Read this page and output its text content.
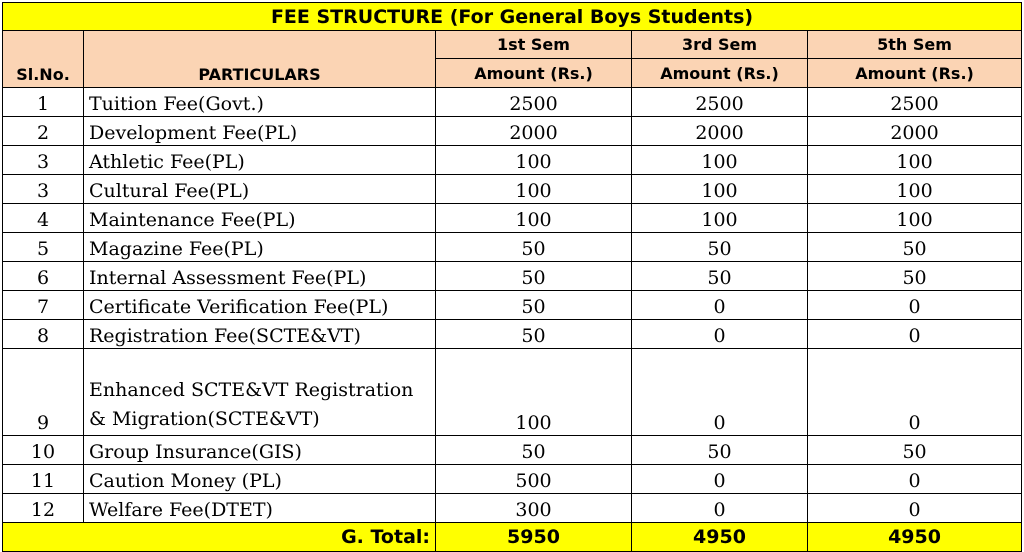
FEE STRUCTURE (For General Boys Students)				
Sl.No.	PARTICULARS	1st Sem	3rd Sem	5th Sem
		Amount (Rs.)	Amount (Rs.)	Amount (Rs.)
1	Tuition Fee(Govt.)	2500	2500	2500
2	Development Fee(PL)	2000	2000	2000
3	Athletic Fee(PL)	100	100	100
3	Cultural Fee(PL)	100	100	100
4	Maintenance Fee(PL)	100	100	100
5	Magazine Fee(PL)	50	50	50
6	Internal Assessment Fee(PL)	50	50	50
7	Certificate Verification Fee(PL)	50	0	0
8	Registration Fee(SCTE&VT)	50	0	0
9	Enhanced SCTE&VT Registration & Migration(SCTE&VT)	100	0	0
10	Group Insurance(GIS)	50	50	50
11	Caution Money (PL)	500	0	0
12	Welfare Fee(DTET)	300	0	0
G. Total:		5950	4950	4950
